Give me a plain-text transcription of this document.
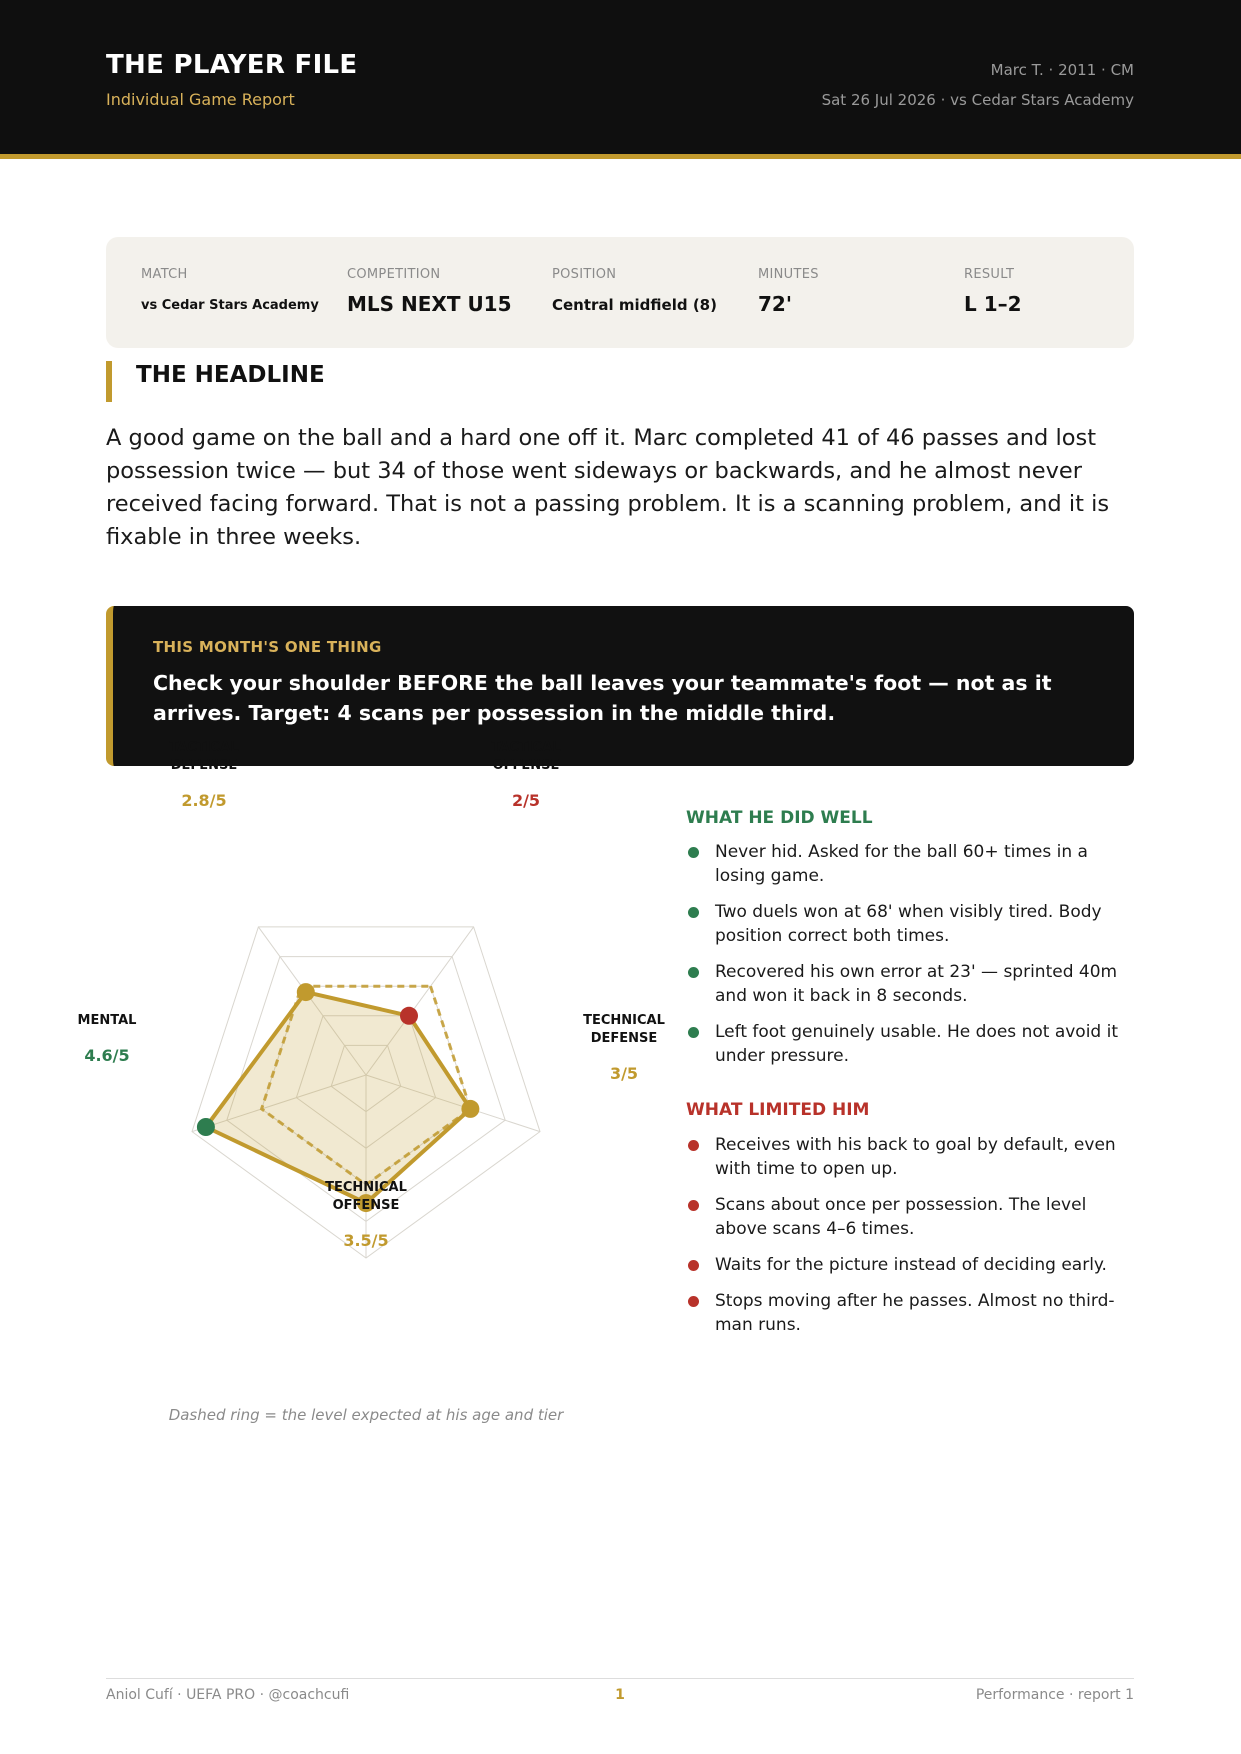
THE PLAYER FILE
Individual Game Report
Marc T. · 2011 · CM
Sat 26 Jul 2026 · vs Cedar Stars Academy
MATCH
vs Cedar Stars Academy
COMPETITION
MLS NEXT U15
POSITION
Central midfield (8)
MINUTES
72'
RESULT
L 1–2
THE HEADLINE
A good game on the ball and a hard one off it. Marc completed 41 of 46 passes and lost possession twice — but 34 of those went sideways or backwards, and he almost never received facing forward. That is not a passing problem. It is a scanning problem, and it is fixable in three weeks.
THIS MONTH'S ONE THING
Check your shoulder BEFORE the ball leaves your teammate's foot — not as it arrives. Target: 4 scans per possession in the middle third.
TACTICAL
OFFENSE
2/5
TECHNICAL
DEFENSE
3/5
TECHNICAL
OFFENSE
3.5/5
MENTAL
4.6/5
TACTICAL
DEFENSE
2.8/5
Dashed ring = the level expected at his age and tier
WHAT HE DID WELL
Never hid. Asked for the ball 60+ times in a losing game.
Two duels won at 68' when visibly tired. Body position correct both times.
Recovered his own error at 23' — sprinted 40m and won it back in 8 seconds.
Left foot genuinely usable. He does not avoid it under pressure.
WHAT LIMITED HIM
Receives with his back to goal by default, even with time to open up.
Scans about once per possession. The level above scans 4–6 times.
Waits for the picture instead of deciding early.
Stops moving after he passes. Almost no third-man runs.
Aniol Cufí · UEFA PRO · @coachcufi	1	Performance · report 1
